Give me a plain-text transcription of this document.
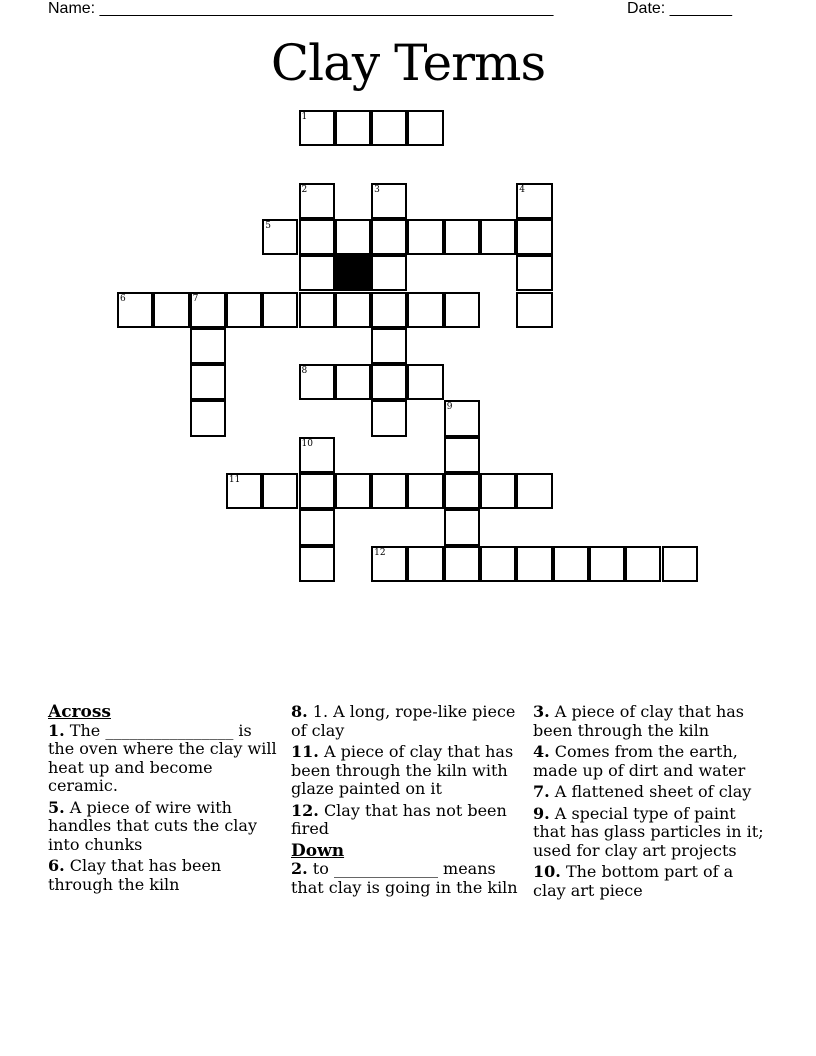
Name: ___________________________________________________	Date: _______
Clay Terms
1
2	3	4
5
6	7
8
9
10
11
12
Across
1. The ________________ is the oven where the clay will heat up and become ceramic.
5. A piece of wire with handles that cuts the clay into chunks
6. Clay that has been through the kiln
8. 1. A long, rope-like piece of clay
11. A piece of clay that has been through the kiln with glaze painted on it
12. Clay that has not been fired
Down
2. to _____________ means that clay is going in the kiln
3. A piece of clay that has been through the kiln
4. Comes from the earth, made up of dirt and water
7. A flattened sheet of clay
9. A special type of paint that has glass particles in it; used for clay art projects
10. The bottom part of a clay art piece
